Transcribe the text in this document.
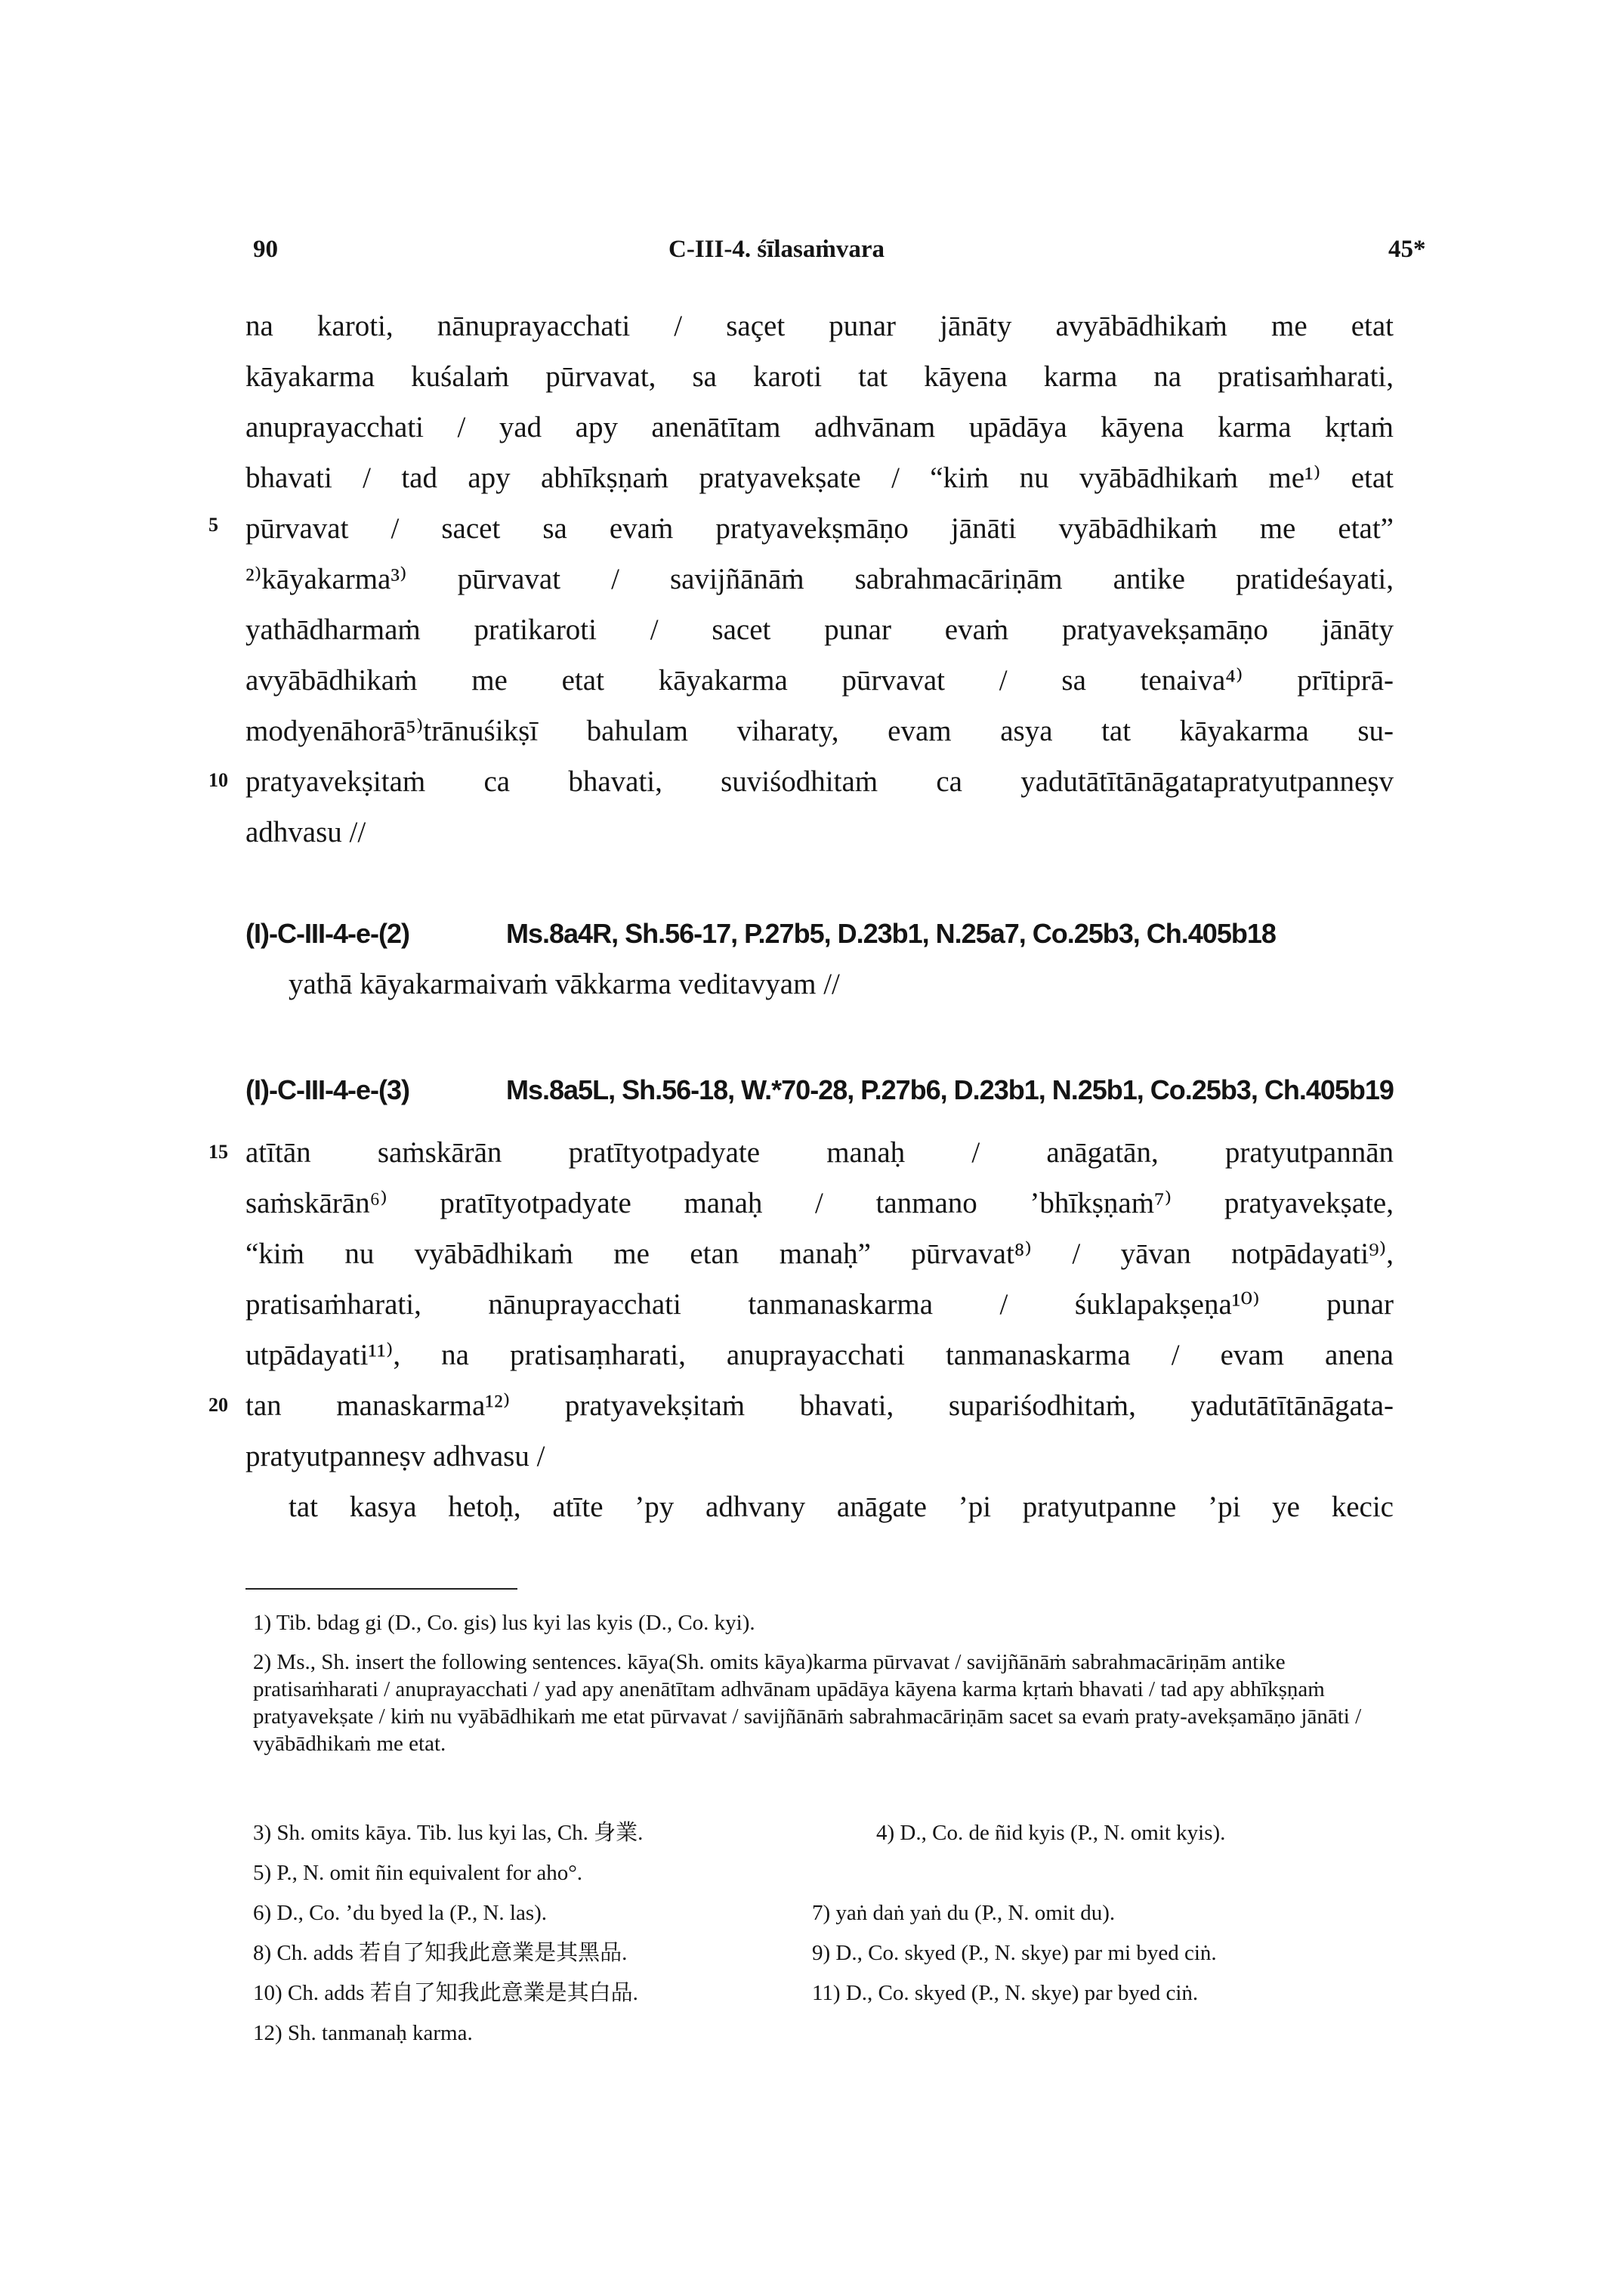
90	C-III-4. śīlasaṁvara	45*
na karoti, nānuprayacchati / saçet punar jānāty avyābādhikaṁ me etat
kāyakarma kuśalaṁ pūrvavat, sa karoti tat kāyena karma na pratisaṁharati,
anuprayacchati / yad apy anenātītam adhvānam upādāya kāyena karma kṛtaṁ
bhavati / tad apy abhīkṣṇaṁ pratyavekṣate / “kiṁ nu vyābādhikaṁ me¹⁾ etat
pūrvavat / sacet sa evaṁ pratyavekṣmāṇo jānāti vyābādhikaṁ me etat”
²⁾kāyakarma³⁾ pūrvavat / savijñānāṁ sabrahmacāriṇām antike pratideśayati,
yathādharmaṁ pratikaroti / sacet punar evaṁ pratyavekṣamāṇo jānāty
avyābādhikaṁ me etat kāyakarma pūrvavat / sa tenaiva⁴⁾ prītiprā-
modyenāhorā⁵⁾trānuśikṣī bahulam viharaty, evam asya tat kāyakarma su-
pratyavekṣitaṁ ca bhavati, suviśodhitaṁ ca yadutātītānāgatapratyutpanneṣv
adhvasu //
5
10
(I)-C-III-4-e-(2)	Ms.8a4R, Sh.56-17, P.27b5, D.23b1, N.25a7, Co.25b3, Ch.405b18
yathā kāyakarmaivaṁ vākkarma veditavyam //
(I)-C-III-4-e-(3)	Ms.8a5L, Sh.56-18, W.*70-28, P.27b6, D.23b1, N.25b1, Co.25b3, Ch.405b19
atītān saṁskārān pratītyotpadyate manaḥ / anāgatān, pratyutpannān
saṁskārān⁶⁾ pratītyotpadyate manaḥ / tanmano ’bhīkṣṇaṁ⁷⁾ pratyavekṣate,
“kiṁ nu vyābādhikaṁ me etan manaḥ” pūrvavat⁸⁾ / yāvan notpādayati⁹⁾,
pratisaṁharati, nānuprayacchati tanmanaskarma / śuklapakṣeṇa¹⁰⁾ punar
utpādayati¹¹⁾, na pratisaṃharati, anuprayacchati tanmanaskarma / evam anena
tan manaskarma¹²⁾ pratyavekṣitaṁ bhavati, supariśodhitaṁ, yadutātītānāgata-
pratyutpanneṣv adhvasu /
tat kasya hetoḥ, atīte ’py adhvany anāgate ’pi pratyutpanne ’pi ye kecic
15
20
1) Tib. bdag gi (D., Co. gis) lus kyi las kyis (D., Co. kyi).
2) Ms., Sh. insert the following sentences. kāya(Sh. omits kāya)karma pūrvavat / savijñānāṁ sabrahmacāriṇām antike pratisaṁharati / anuprayacchati / yad apy anenātītam adhvānam upādāya kāyena karma kṛtaṁ bhavati / tad apy abhīkṣṇaṁ pratyavekṣate / kiṁ nu vyābādhikaṁ me etat pūrvavat / savijñānāṁ sabrahmacāriṇām sacet sa evaṁ praty-avekṣamāṇo jānāti / vyābādhikaṁ me etat.
3) Sh. omits kāya. Tib. lus kyi las, Ch. 身業.	4) D., Co. de ñid kyis (P., N. omit kyis).
5) P., N. omit ñin equivalent for aho°.
6) D., Co. ’du byed la (P., N. las).	7) yaṅ daṅ yaṅ du (P., N. omit du).
8) Ch. adds 若自了知我此意業是其黑品.	9) D., Co. skyed (P., N. skye) par mi byed ciṅ.
10) Ch. adds 若自了知我此意業是其白品.	11) D., Co. skyed (P., N. skye) par byed ciṅ.
12) Sh. tanmanaḥ karma.
